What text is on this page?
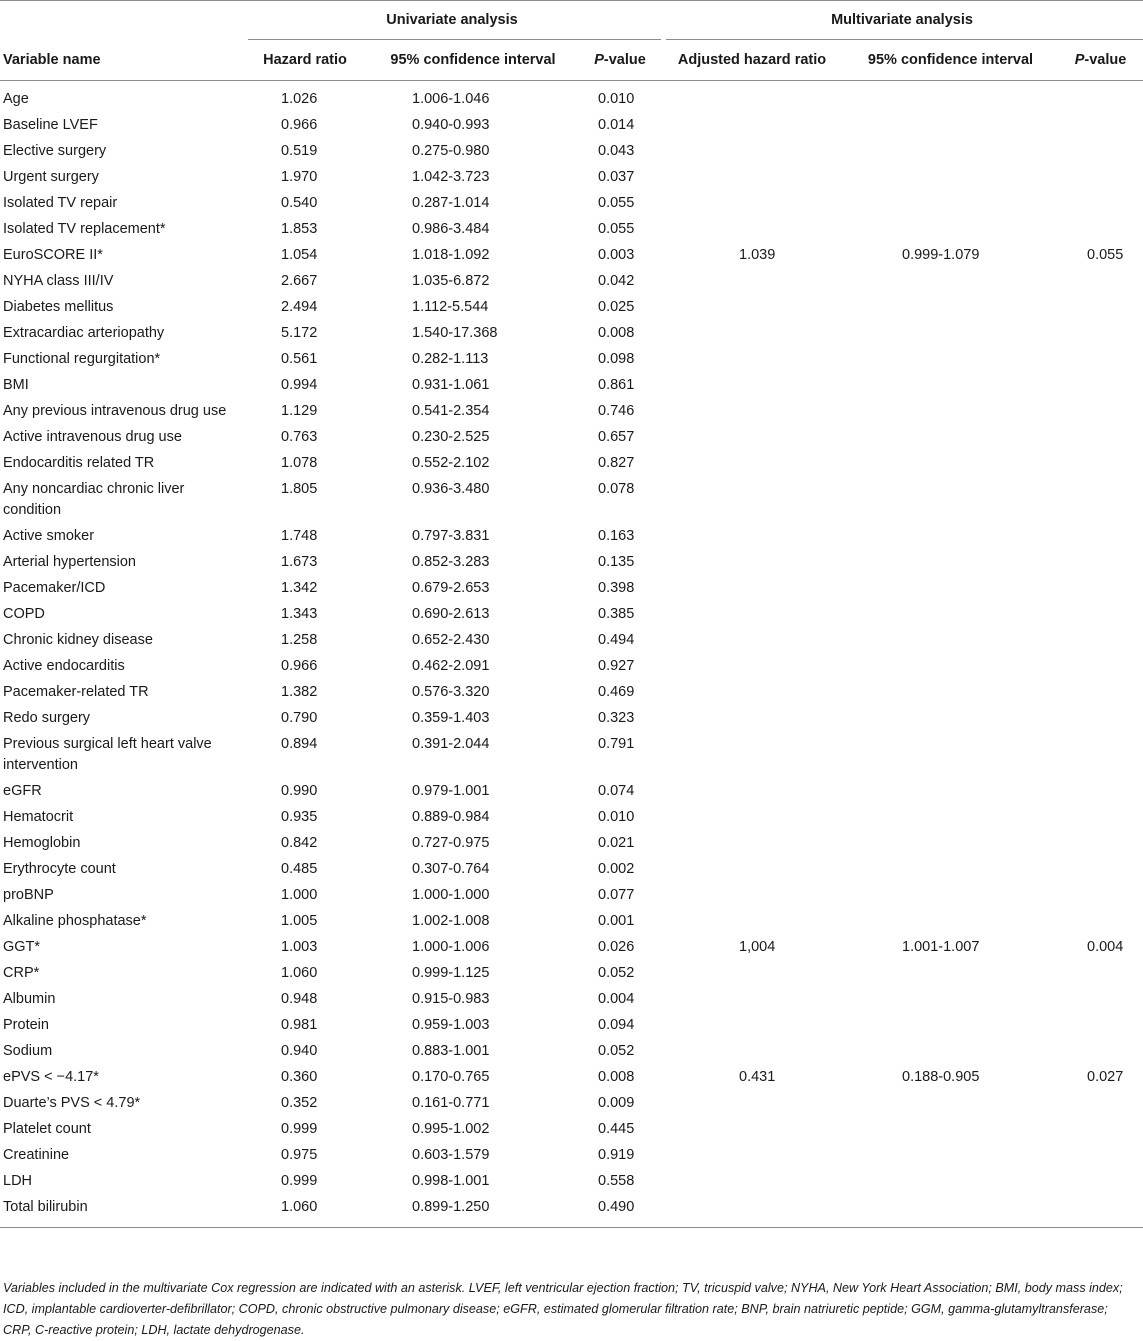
	Univariate analysis			Multivariate analysis		
Variable name	Hazard ratio	95% confidence interval	P-value	Adjusted hazard ratio	95% confidence interval	P-value
Age	1.026	1.006-1.046	0.010			
Baseline LVEF	0.966	0.940-0.993	0.014			
Elective surgery	0.519	0.275-0.980	0.043			
Urgent surgery	1.970	1.042-3.723	0.037			
Isolated TV repair	0.540	0.287-1.014	0.055			
Isolated TV replacement*	1.853	0.986-3.484	0.055			
EuroSCORE II*	1.054	1.018-1.092	0.003	1.039	0.999-1.079	0.055
NYHA class III/IV	2.667	1.035-6.872	0.042			
Diabetes mellitus	2.494	1.112-5.544	0.025			
Extracardiac arteriopathy	5.172	1.540-17.368	0.008			
Functional regurgitation*	0.561	0.282-1.113	0.098			
BMI	0.994	0.931-1.061	0.861			
Any previous intravenous drug use	1.129	0.541-2.354	0.746			
Active intravenous drug use	0.763	0.230-2.525	0.657			
Endocarditis related TR	1.078	0.552-2.102	0.827			
Any noncardiac chronic liver condition	1.805	0.936-3.480	0.078			
Active smoker	1.748	0.797-3.831	0.163			
Arterial hypertension	1.673	0.852-3.283	0.135			
Pacemaker/ICD	1.342	0.679-2.653	0.398			
COPD	1.343	0.690-2.613	0.385			
Chronic kidney disease	1.258	0.652-2.430	0.494			
Active endocarditis	0.966	0.462-2.091	0.927			
Pacemaker-related TR	1.382	0.576-3.320	0.469			
Redo surgery	0.790	0.359-1.403	0.323			
Previous surgical left heart valve intervention	0.894	0.391-2.044	0.791			
eGFR	0.990	0.979-1.001	0.074			
Hematocrit	0.935	0.889-0.984	0.010			
Hemoglobin	0.842	0.727-0.975	0.021			
Erythrocyte count	0.485	0.307-0.764	0.002			
proBNP	1.000	1.000-1.000	0.077			
Alkaline phosphatase*	1.005	1.002-1.008	0.001			
GGT*	1.003	1.000-1.006	0.026	1,004	1.001-1.007	0.004
CRP*	1.060	0.999-1.125	0.052			
Albumin	0.948	0.915-0.983	0.004			
Protein	0.981	0.959-1.003	0.094			
Sodium	0.940	0.883-1.001	0.052			
ePVS < −4.17*	0.360	0.170-0.765	0.008	0.431	0.188-0.905	0.027
Duarte’s PVS < 4.79*	0.352	0.161-0.771	0.009			
Platelet count	0.999	0.995-1.002	0.445			
Creatinine	0.975	0.603-1.579	0.919			
LDH	0.999	0.998-1.001	0.558			
Total bilirubin	1.060	0.899-1.250	0.490			
Variables included in the multivariate Cox regression are indicated with an asterisk. LVEF, left ventricular ejection fraction; TV, tricuspid valve; NYHA, New York Heart Association; BMI, body mass index; ICD, implantable cardioverter-defibrillator; COPD, chronic obstructive pulmonary disease; eGFR, estimated glomerular filtration rate; BNP, brain natriuretic peptide; GGM, gamma-glutamyltransferase; CRP, C-reactive protein; LDH, lactate dehydrogenase.
